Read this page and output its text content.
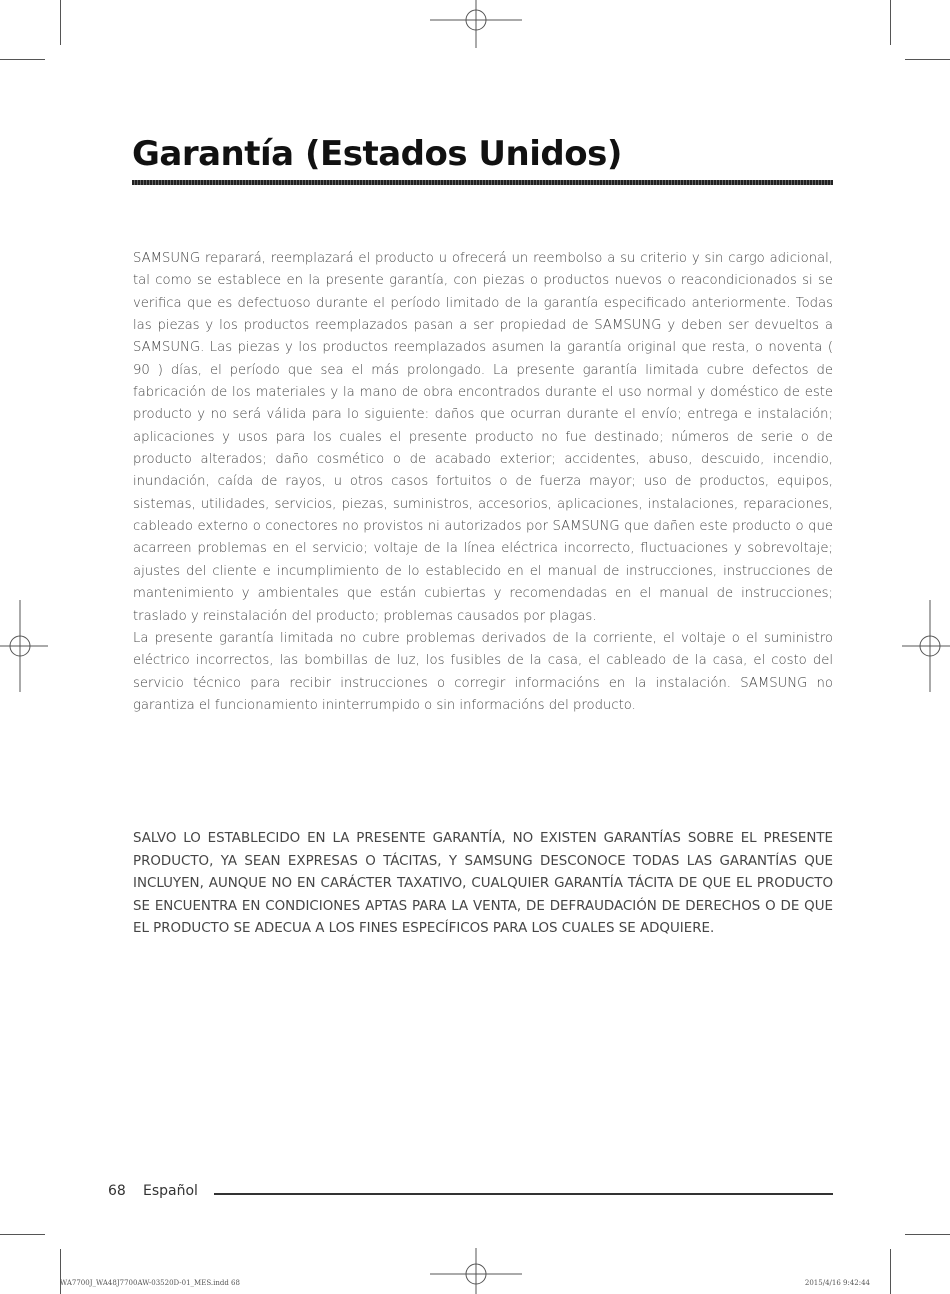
Garantía (Estados Unidos)

SAMSUNG reparará, reemplazará el producto u ofrecerá un reembolso a su criterio y sin cargo adicional, tal como se establece en la presente garantía, con piezas o productos nuevos o reacondicionados si se verifica que es defectuoso durante el período limitado de la garantía especificado anteriormente. Todas las piezas y los productos reemplazados pasan a ser propiedad de SAMSUNG y deben ser devueltos a SAMSUNG. Las piezas y los productos reemplazados asumen la garantía original que resta, o noventa ( 90 ) días, el período que sea el más prolongado. La presente garantía limitada cubre defectos de fabricación de los materiales y la mano de obra encontrados durante el uso normal y doméstico de este producto y no será válida para lo siguiente: daños que ocurran durante el envío; entrega e instalación; aplicaciones y usos para los cuales el presente producto no fue destinado; números de serie o de producto alterados; daño cosmético o de acabado exterior; accidentes, abuso, descuido, incendio, inundación, caída de rayos, u otros casos fortuitos o de fuerza mayor; uso de productos, equipos, sistemas, utilidades, servicios, piezas, suministros, accesorios, aplicaciones, instalaciones, reparaciones, cableado externo o conectores no provistos ni autorizados por SAMSUNG que dañen este producto o que acarreen problemas en el servicio; voltaje de la línea eléctrica incorrecto, fluctuaciones y sobrevoltaje; ajustes del cliente e incumplimiento de lo establecido en el manual de instrucciones, instrucciones de mantenimiento y ambientales que están cubiertas y recomendadas en el manual de instrucciones; traslado y reinstalación del producto; problemas causados por plagas.

La presente garantía limitada no cubre problemas derivados de la corriente, el voltaje o el suministro eléctrico incorrectos, las bombillas de luz, los fusibles de la casa, el cableado de la casa, el costo del servicio técnico para recibir instrucciones o corregir informacións en la instalación. SAMSUNG no garantiza el funcionamiento ininterrumpido o sin informacións del producto.

SALVO LO ESTABLECIDO EN LA PRESENTE GARANTÍA, NO EXISTEN GARANTÍAS SOBRE EL PRESENTE PRODUCTO, YA SEAN EXPRESAS O TÁCITAS, Y SAMSUNG DESCONOCE TODAS LAS GARANTÍAS QUE INCLUYEN, AUNQUE NO EN CARÁCTER TAXATIVO, CUALQUIER GARANTÍA TÁCITA DE QUE EL PRODUCTO SE ENCUENTRA EN CONDICIONES APTAS PARA LA VENTA, DE DEFRAUDACIÓN DE DERECHOS O DE QUE EL PRODUCTO SE ADECUA A LOS FINES ESPECÍFICOS PARA LOS CUALES SE ADQUIERE.

68 Español
WA7700J_WA48J7700AW-03520D-01_MES.indd 68	2015/4/16 9:42:44
